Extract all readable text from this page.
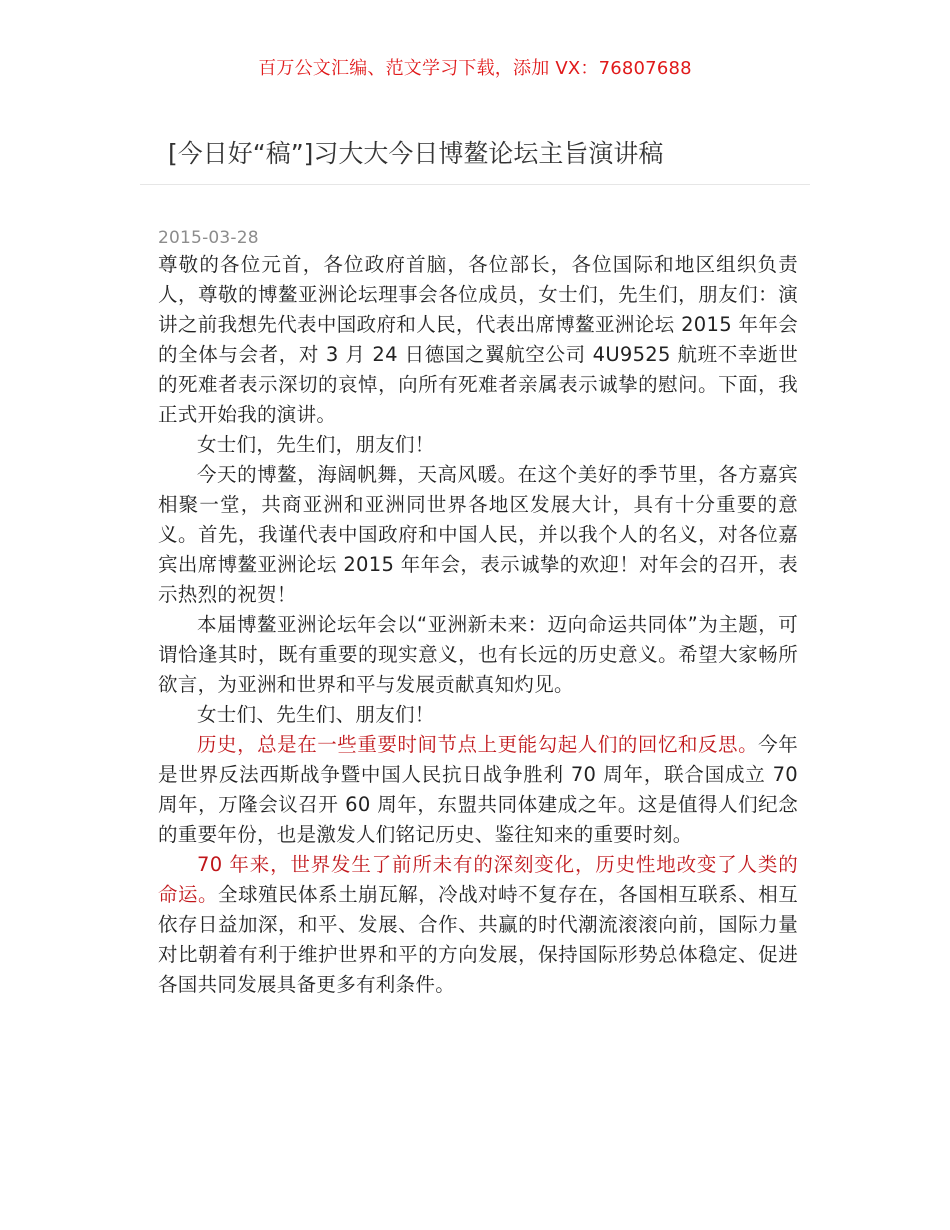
百万公文汇编、范文学习下载，添加 VX：76807688
[今日好“稿”]习大大今日博鳌论坛主旨演讲稿
2015-03-28

尊敬的各位元首，各位政府首脑，各位部长，各位国际和地区组织负责人，尊敬的博鳌亚洲论坛理事会各位成员，女士们，先生们，朋友们：演讲之前我想先代表中国政府和人民，代表出席博鳌亚洲论坛 2015 年年会的全体与会者，对 3 月 24 日德国之翼航空公司 4U9525 航班不幸逝世的死难者表示深切的哀悼，向所有死难者亲属表示诚挚的慰问。下面，我正式开始我的演讲。

女士们，先生们，朋友们！

今天的博鳌，海阔帆舞，天高风暖。在这个美好的季节里，各方嘉宾相聚一堂，共商亚洲和亚洲同世界各地区发展大计，具有十分重要的意义。首先，我谨代表中国政府和中国人民，并以我个人的名义，对各位嘉宾出席博鳌亚洲论坛 2015 年年会，表示诚挚的欢迎！对年会的召开，表示热烈的祝贺！

本届博鳌亚洲论坛年会以“亚洲新未来：迈向命运共同体”为主题，可谓恰逢其时，既有重要的现实意义，也有长远的历史意义。希望大家畅所欲言，为亚洲和世界和平与发展贡献真知灼见。

女士们、先生们、朋友们！

历史，总是在一些重要时间节点上更能勾起人们的回忆和反思。今年是世界反法西斯战争暨中国人民抗日战争胜利 70 周年，联合国成立 70 周年，万隆会议召开 60 周年，东盟共同体建成之年。这是值得人们纪念的重要年份，也是激发人们铭记历史、鉴往知来的重要时刻。

70 年来，世界发生了前所未有的深刻变化，历史性地改变了人类的命运。全球殖民体系土崩瓦解，冷战对峙不复存在，各国相互联系、相互依存日益加深，和平、发展、合作、共赢的时代潮流滚滚向前，国际力量对比朝着有利于维护世界和平的方向发展，保持国际形势总体稳定、促进各国共同发展具备更多有利条件。
